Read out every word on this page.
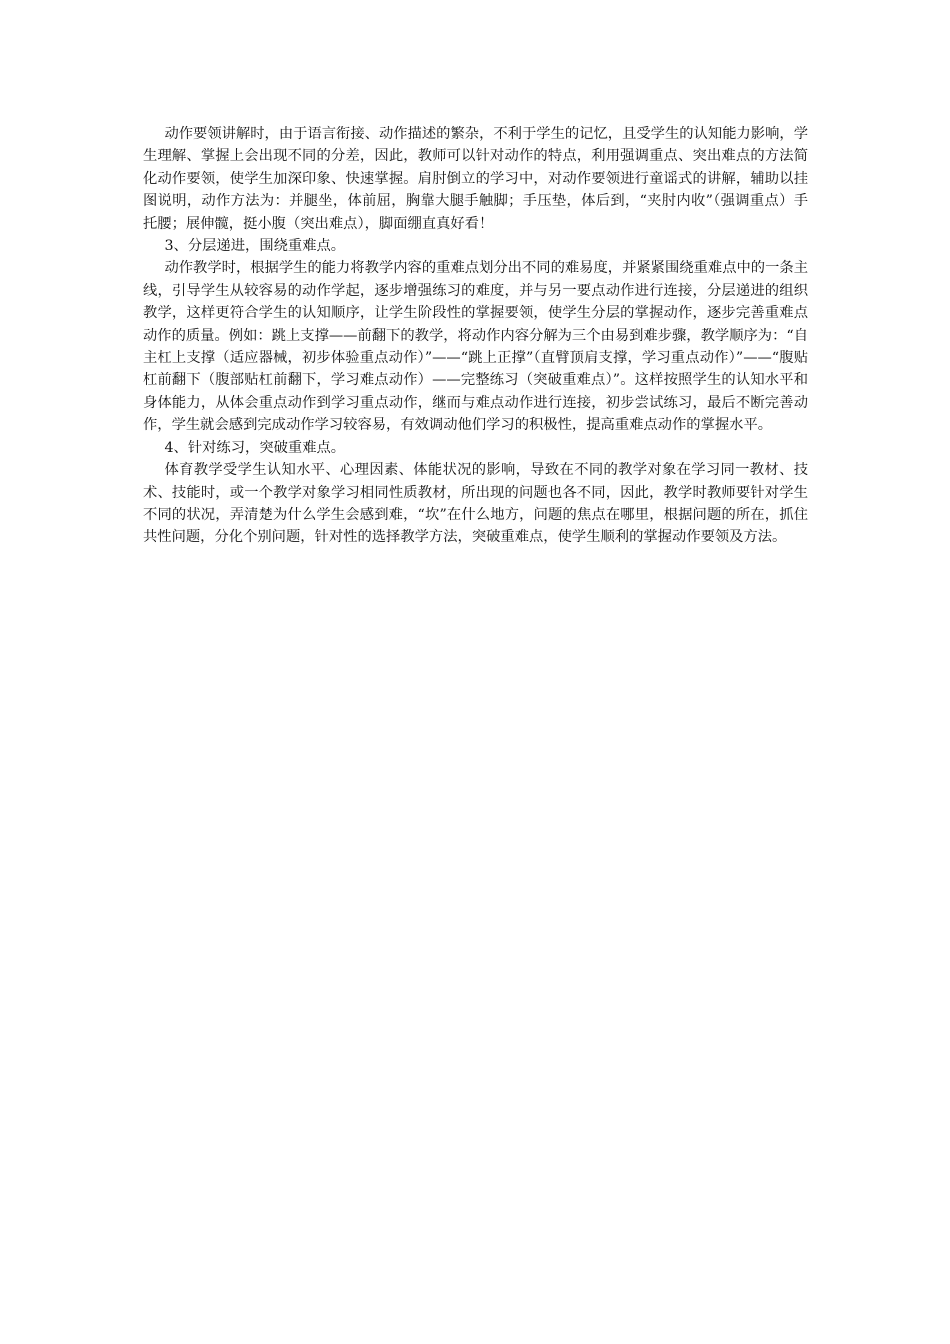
动作要领讲解时，由于语言衔接、动作描述的繁杂，不利于学生的记忆，且受学生的认知能力影响，学生理解、掌握上会出现不同的分差，因此，教师可以针对动作的特点，利用强调重点、突出难点的方法简化动作要领，使学生加深印象、快速掌握。肩肘倒立的学习中，对动作要领进行童谣式的讲解，辅助以挂图说明，动作方法为：并腿坐，体前屈，胸靠大腿手触脚；手压垫，体后到，“夹肘内收”（强调重点）手托腰；展伸髋，挺小腹（突出难点），脚面绷直真好看！

3、分层递进，围绕重难点。

动作教学时，根据学生的能力将教学内容的重难点划分出不同的难易度，并紧紧围绕重难点中的一条主线，引导学生从较容易的动作学起，逐步增强练习的难度，并与另一要点动作进行连接，分层递进的组织教学，这样更符合学生的认知顺序，让学生阶段性的掌握要领，使学生分层的掌握动作，逐步完善重难点动作的质量。例如：跳上支撑——前翻下的教学，将动作内容分解为三个由易到难步骤，教学顺序为：“自主杠上支撑（适应器械，初步体验重点动作）”——“跳上正撑”（直臂顶肩支撑，学习重点动作）”——“腹贴杠前翻下（腹部贴杠前翻下，学习难点动作）——完整练习（突破重难点）”。这样按照学生的认知水平和身体能力，从体会重点动作到学习重点动作，继而与难点动作进行连接，初步尝试练习，最后不断完善动作，学生就会感到完成动作学习较容易，有效调动他们学习的积极性，提高重难点动作的掌握水平。

4、针对练习，突破重难点。

体育教学受学生认知水平、心理因素、体能状况的影响，导致在不同的教学对象在学习同一教材、技术、技能时，或一个教学对象学习相同性质教材，所出现的问题也各不同，因此，教学时教师要针对学生不同的状况，弄清楚为什么学生会感到难，“坎”在什么地方，问题的焦点在哪里，根据问题的所在，抓住共性问题，分化个别问题，针对性的选择教学方法，突破重难点，使学生顺利的掌握动作要领及方法。
